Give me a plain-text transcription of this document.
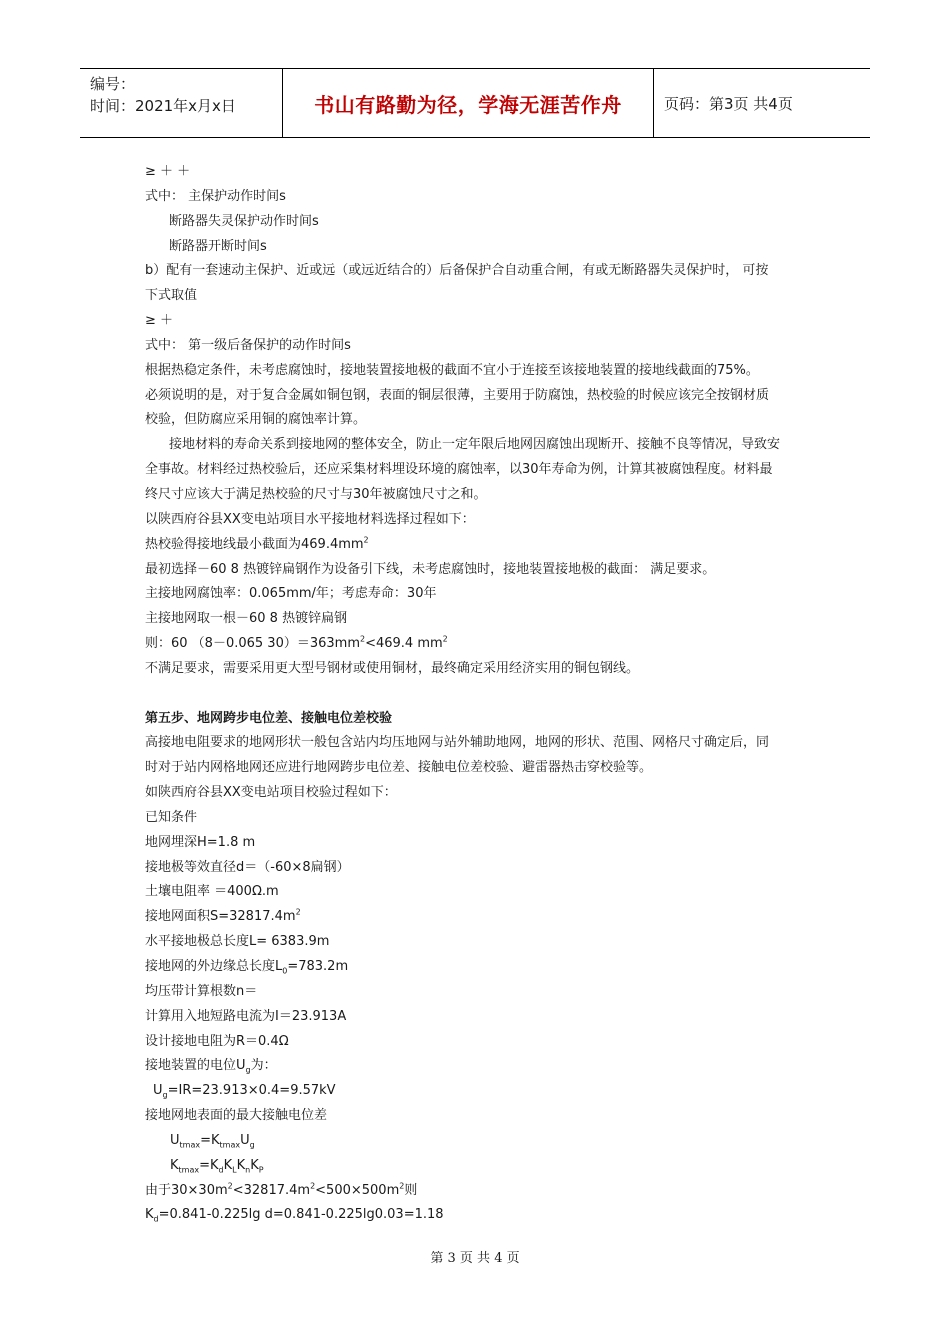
编号：
时间：2021年x月x日	书山有路勤为径，学海无涯苦作舟	页码：第3页 共4页

≥ ＋ ＋

式中： 主保护动作时间s

断路器失灵保护动作时间s

断路器开断时间s

b）配有一套速动主保护、近或远（或远近结合的）后备保护合自动重合闸，有或无断路器失灵保护时， 可按

下式取值

≥ ＋

式中： 第一级后备保护的动作时间s

根据热稳定条件，未考虑腐蚀时，接地装置接地极的截面不宜小于连接至该接地装置的接地线截面的75%。

必须说明的是，对于复合金属如铜包钢，表面的铜层很薄，主要用于防腐蚀，热校验的时候应该完全按钢材质

校验，但防腐应采用铜的腐蚀率计算。

接地材料的寿命关系到接地网的整体安全，防止一定年限后地网因腐蚀出现断开、接触不良等情况，导致安

全事故。材料经过热校验后，还应采集材料埋设环境的腐蚀率，以30年寿命为例，计算其被腐蚀程度。材料最

终尺寸应该大于满足热校验的尺寸与30年被腐蚀尺寸之和。

以陕西府谷县XX变电站项目水平接地材料选择过程如下：

热校验得接地线最小截面为$469.4mm^2$

最初选择－60 8 热镀锌扁钢作为设备引下线，未考虑腐蚀时，接地装置接地极的截面： 满足要求。

主接地网腐蚀率：0.065mm/年；考虑寿命：30年

主接地网取一根－60 8 热镀锌扁钢

则：60 （8－0.065 $30)=363mm^2<469.4$ $mm^2$

不满足要求，需要采用更大型号钢材或使用铜材，最终确定采用经济实用的铜包钢线。

第五步、地网跨步电位差、接触电位差校验

高接地电阻要求的地网形状一般包含站内均压地网与站外辅助地网，地网的形状、范围、网格尺寸确定后，同

时对于站内网格地网还应进行地网跨步电位差、接触电位差校验、避雷器热击穿校验等。

如陕西府谷县XX变电站项目校验过程如下：

已知条件

地网埋深H=1.8 m

接地极等效直径d＝（-60×8扁钢）

土壤电阻率 ＝400Ω.m

接地网面积$S=32817.4m^2$

水平接地极总长度L= 6383.9m

接地网的外边缘总长度$L_0=783.2m$

均压带计算根数n＝

计算用入地短路电流为I＝23.913A

设计接地电阻为R＝0.4Ω

接地装置的电位$U_g$为：

$U_g=IR=23.913\times 0.4=9.57kV$

接地网地表面的最大接触电位差

$U_{tmax}=K_{tmax}U_g$

$K_{tmax}=K_dK_LK_nK_P$

由于$30\times 30m^2<32817.4m^2<500\times 500m^2$则

$K_d=0.841-0.225\lg$ d=0.841-0.225lg0.03=1.18

第 3 页 共 4 页
